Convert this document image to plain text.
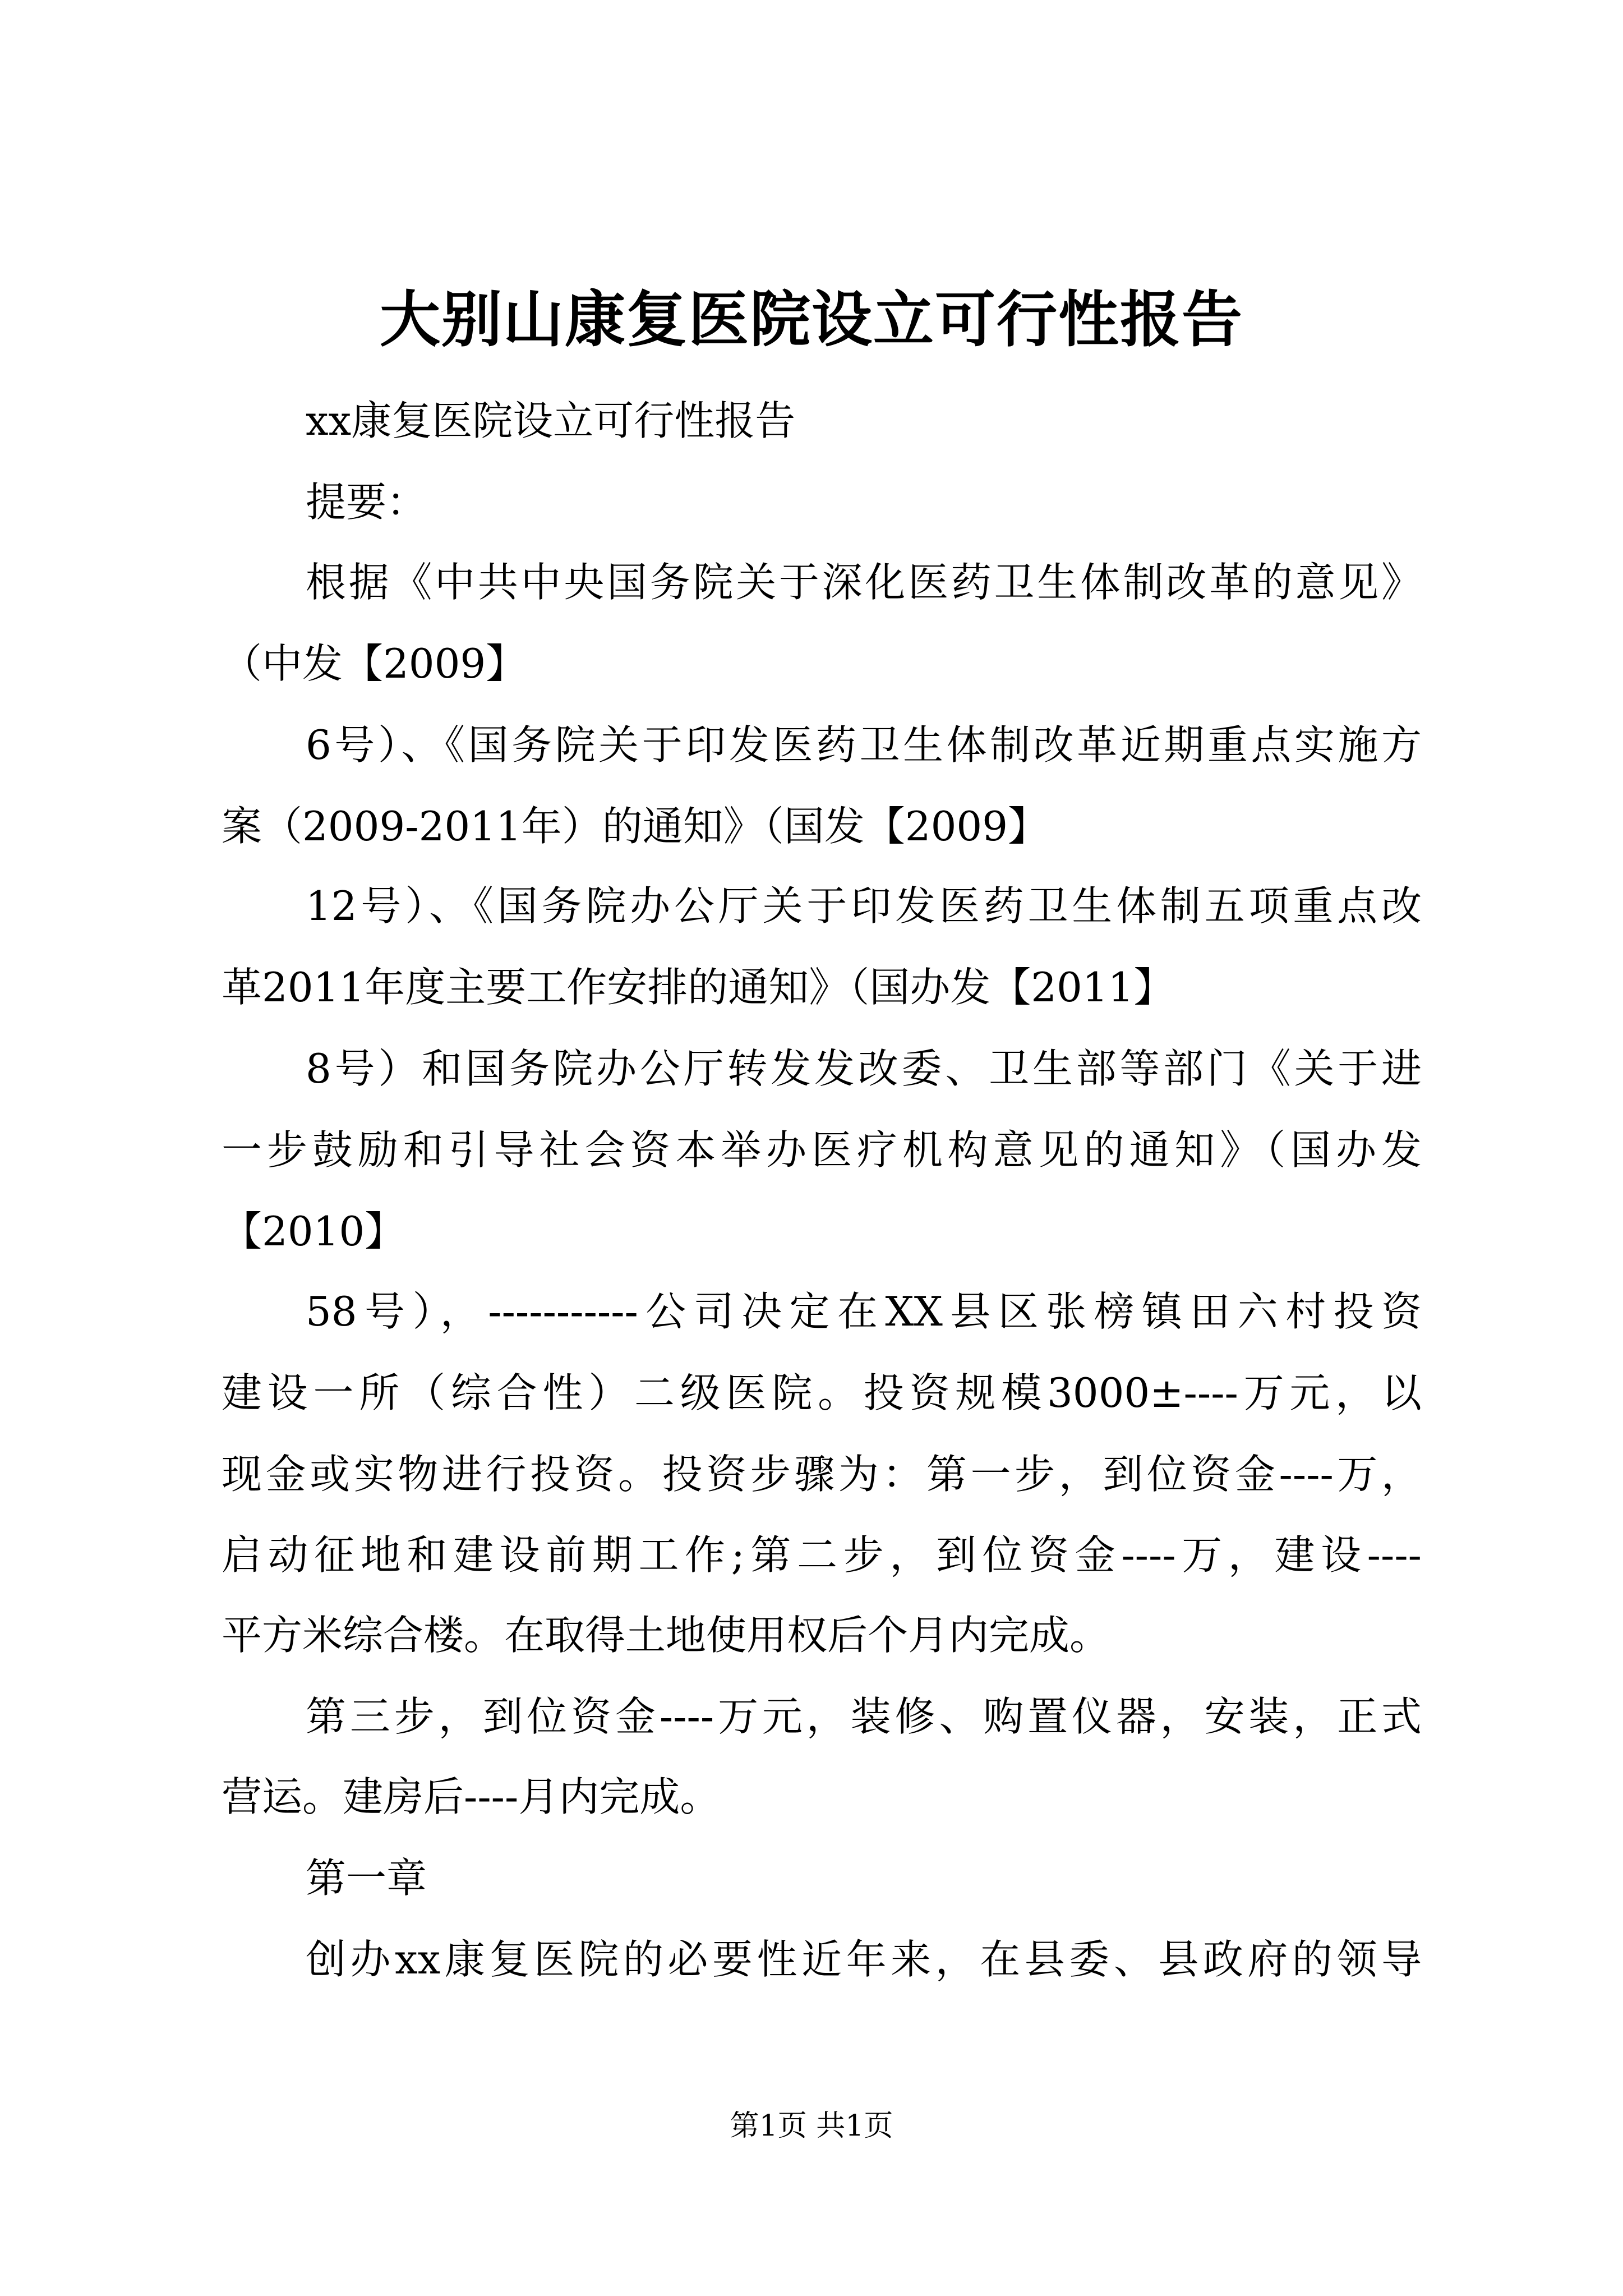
大别山康复医院设立可行性报告
xx康复医院设立可行性报告
提要：
根据《中共中央国务院关于深化医药卫生体制改革的意见》
（中发【2009】
6号）、《国务院关于印发医药卫生体制改革近期重点实施方
案（2009-2011年）的通知》（国发【2009】
12号）、《国务院办公厅关于印发医药卫生体制五项重点改
革2011年度主要工作安排的通知》（国办发【2011】
8号）和国务院办公厅转发发改委、卫生部等部门《关于进
一步鼓励和引导社会资本举办医疗机构意见的通知》（国办发
【2010】
58号），-----------公司决定在XX县区张榜镇田六村投资
建设一所（综合性）二级医院。投资规模3000±----万元，以
现金或实物进行投资。投资步骤为：第一步，到位资金----万，
启动征地和建设前期工作;第二步，到位资金----万，建设----
平方米综合楼。在取得土地使用权后个月内完成。
第三步，到位资金----万元，装修、购置仪器，安装，正式
营运。建房后----月内完成。
第一章
创办xx康复医院的必要性近年来，在县委、县政府的领导
第1页 共1页
